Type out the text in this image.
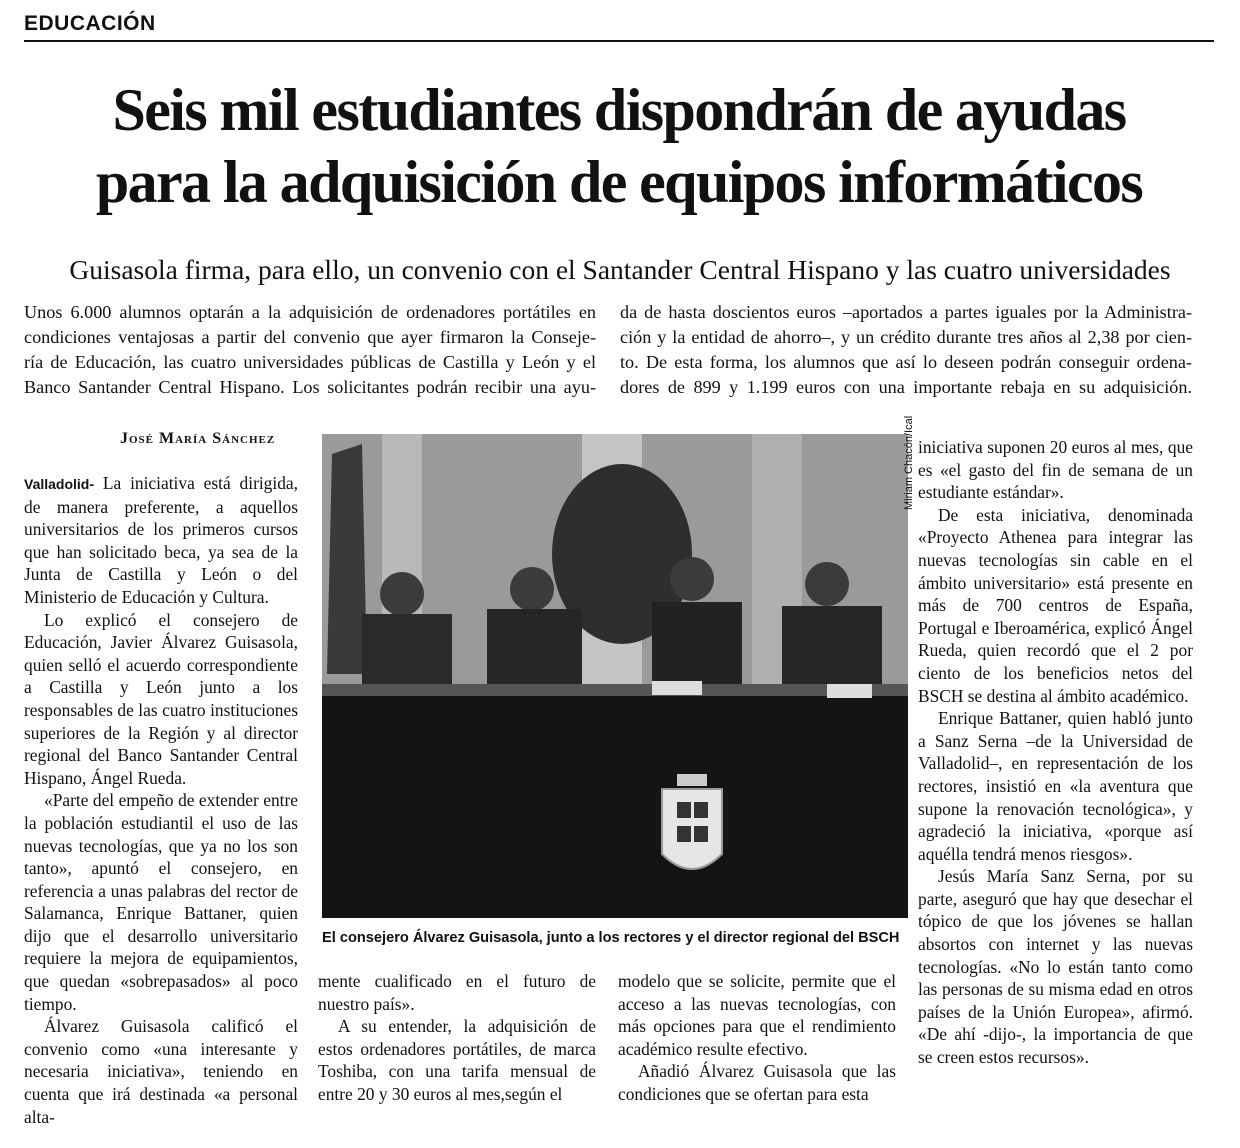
EDUCACIÓN
Seis mil estudiantes dispondrán de ayudas
para la adquisición de equipos informáticos

Guisasola firma, para ello, un convenio con el Santander Central Hispano y las cuatro universidades

Unos 6.000 alumnos optarán a la adquisición de ordenadores portátiles en
condiciones ventajosas a partir del convenio que ayer firmaron la Conseje-
ría de Educación, las cuatro universidades públicas de Castilla y León y el
Banco Santander Central Hispano. Los solicitantes podrán recibir una ayu-
da de hasta doscientos euros –aportados a partes iguales por la Administra-
ción y la entidad de ahorro–, y un crédito durante tres años al 2,38 por cien-
to. De esta forma, los alumnos que así lo deseen podrán conseguir ordena-
dores de 899 y 1.199 euros con una importante rebaja en su adquisición.
José María Sánchez

Valladolid- La iniciativa está dirigida, de manera preferente, a aquellos universitarios de los primeros cursos que han solicitado beca, ya sea de la Junta de Castilla y León o del Ministerio de Educación y Cultura.

Lo explicó el consejero de Educación, Javier Álvarez Guisasola, quien selló el acuerdo correspondiente a Castilla y León junto a los responsables de las cuatro instituciones superiores de la Región y al director regional del Banco Santander Central Hispano, Ángel Rueda.

«Parte del empeño de extender entre la población estudiantil el uso de las nuevas tecnologías, que ya no los son tanto», apuntó el consejero, en referencia a unas palabras del rector de Salamanca, Enrique Battaner, quien dijo que el desarrollo universitario requiere la mejora de equipamientos, que quedan «sobrepasados» al poco tiempo.

Álvarez Guisasola calificó el convenio como «una interesante y necesaria iniciativa», teniendo en cuenta que irá destinada «a personal alta-

Miriam Chacón/Ical
El consejero Álvarez Guisasola, junto a los rectores y el director regional del BSCH

iniciativa suponen 20 euros al mes, que es «el gasto del fin de semana de un estudiante estándar».

De esta iniciativa, denominada «Proyecto Athenea para integrar las nuevas tecnologías sin cable en el ámbito universitario» está presente en más de 700 centros de España, Portugal e Iberoamérica, explicó Ángel Rueda, quien recordó que el 2 por ciento de los beneficios netos del BSCH se destina al ámbito académico.

Enrique Battaner, quien habló junto a Sanz Serna –de la Universidad de Valladolid–, en representación de los rectores, insistió en «la aventura que supone la renovación tecnológica», y agradeció la iniciativa, «porque así aquélla tendrá menos riesgos».

Jesús María Sanz Serna, por su parte, aseguró que hay que desechar el tópico de que los jóvenes se hallan absortos con internet y las nuevas tecnologías. «No lo están tanto como las personas de su misma edad en otros países de la Unión Europea», afirmó. «De ahí -dijo-, la importancia de que se creen estos recursos».

mente cualificado en el futuro de nuestro país».

A su entender, la adquisición de estos ordenadores portátiles, de marca Toshiba, con una tarifa mensual de entre 20 y 30 euros al mes,según el

modelo que se solicite, permite que el acceso a las nuevas tecnologías, con más opciones para que el rendimiento académico resulte efectivo.

Añadió Álvarez Guisasola que las condiciones que se ofertan para esta
